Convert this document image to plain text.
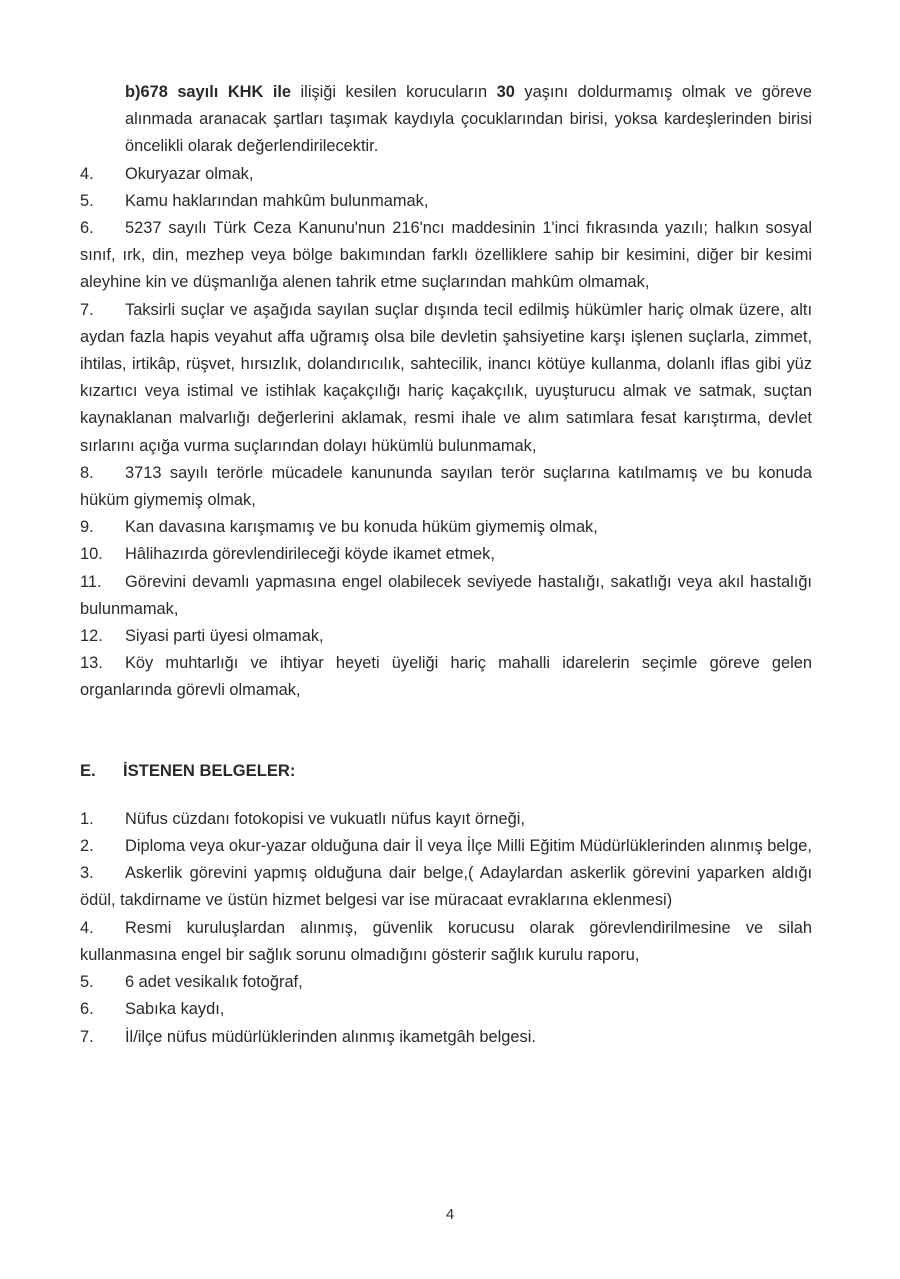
b)678 sayılı KHK ile ilişiği kesilen korucuların 30 yaşını doldurmamış olmak ve göreve alınmada aranacak şartları taşımak kaydıyla çocuklarından birisi, yoksa kardeşlerinden birisi öncelikli olarak değerlendirilecektir.

4. Okuryazar olmak,

5. Kamu haklarından mahkûm bulunmamak,

6. 5237 sayılı Türk Ceza Kanunu'nun 216'ncı maddesinin 1'inci fıkrasında yazılı; halkın sosyal sınıf, ırk, din, mezhep veya bölge bakımından farklı özelliklere sahip bir kesimini, diğer bir kesimi aleyhine kin ve düşmanlığa alenen tahrik etme suçlarından mahkûm olmamak,

7. Taksirli suçlar ve aşağıda sayılan suçlar dışında tecil edilmiş hükümler hariç olmak üzere, altı aydan fazla hapis veyahut affa uğramış olsa bile devletin şahsiyetine karşı işlenen suçlarla, zimmet, ihtilas, irtikâp, rüşvet, hırsızlık, dolandırıcılık, sahtecilik, inancı kötüye kullanma, dolanlı iflas gibi yüz kızartıcı veya istimal ve istihlak kaçakçılığı hariç kaçakçılık, uyuşturucu almak ve satmak, suçtan kaynaklanan malvarlığı değerlerini aklamak, resmi ihale ve alım satımlara fesat karıştırma, devlet sırlarını açığa vurma suçlarından dolayı hükümlü bulunmamak,

8. 3713 sayılı terörle mücadele kanununda sayılan terör suçlarına katılmamış ve bu konuda hüküm giymemiş olmak,

9. Kan davasına karışmamış ve bu konuda hüküm giymemiş olmak,

10. Hâlihazırda görevlendirileceği köyde ikamet etmek,

11. Görevini devamlı yapmasına engel olabilecek seviyede hastalığı, sakatlığı veya akıl hastalığı bulunmamak,

12. Siyasi parti üyesi olmamak,

13. Köy muhtarlığı ve ihtiyar heyeti üyeliği hariç mahalli idarelerin seçimle göreve gelen organlarında görevli olmamak,

E. İSTENEN BELGELER:

1. Nüfus cüzdanı fotokopisi ve vukuatlı nüfus kayıt örneği,

2. Diploma veya okur-yazar olduğuna dair İl veya İlçe Milli Eğitim Müdürlüklerinden alınmış belge,

3. Askerlik görevini yapmış olduğuna dair belge,( Adaylardan askerlik görevini yaparken aldığı ödül, takdirname ve üstün hizmet belgesi var ise müracaat evraklarına eklenmesi)

4. Resmi kuruluşlardan alınmış, güvenlik korucusu olarak görevlendirilmesine ve silah kullanmasına engel bir sağlık sorunu olmadığını gösterir sağlık kurulu raporu,

5. 6 adet vesikalık fotoğraf,

6. Sabıka kaydı,

7. İl/ilçe nüfus müdürlüklerinden alınmış ikametgâh belgesi.

4
